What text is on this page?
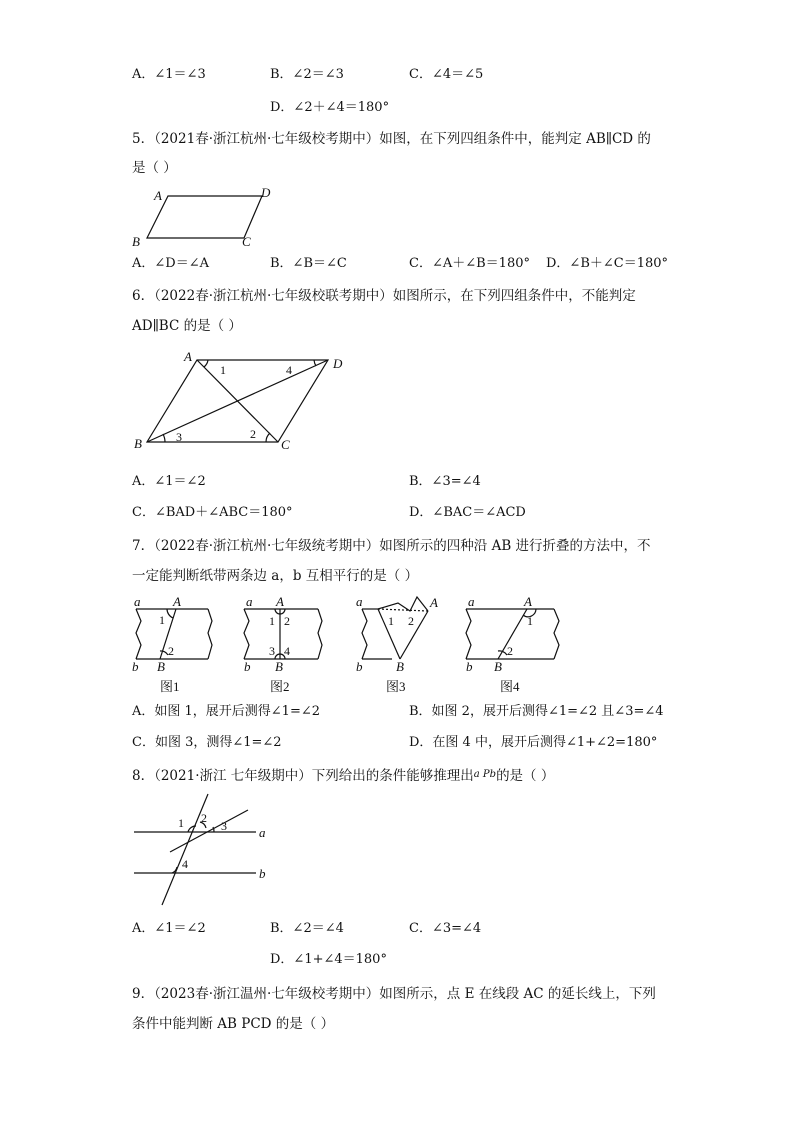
A．∠1＝∠3	B．∠2＝∠3	C．∠4＝∠5
D．∠2＋∠4＝180°
5．（2021春·浙江杭州·七年级校考期中）如图，在下列四组条件中，能判定 AB∥CD 的
是（ ）
A	D
B	C
A．∠D＝∠A	B．∠B＝∠C	C．∠A＋∠B＝180° D．∠B＋∠C＝180°
6．（2022春·浙江杭州·七年级校联考期中）如图所示，在下列四组条件中，不能判定
AD∥BC 的是（ ）
A	D
B	C
1	4
3	2
A．∠1＝∠2	B．∠3=∠4
C．∠BAD＋∠ABC＝180°	D．∠BAC＝∠ACD
7．（2022春·浙江杭州·七年级统考期中）如图所示的四种沿 AB 进行折叠的方法中，不
一定能判断纸带两条边 a，b 互相平行的是（ ）
a	A
b B
1
2
图1
a A
b B
1 2
3 4
图2
a	A
b	B
1 2
图3
a	A
b B
1
2
图4
A．如图 1，展开后测得∠1=∠2	B．如图 2，展开后测得∠1=∠2 且∠3=∠4
C．如图 3，测得∠1=∠2	D．在图 4 中，展开后测得∠1+∠2=180°
8．（2021·浙江 七年级期中）下列给出的条件能够推理出$^{a Pb}$的是（ ）
1 2
3
4
a
b
A．∠1＝∠2	B．∠2＝∠4	C．∠3=∠4
D．∠1+∠4＝180°
9．（2023春·浙江温州·七年级校考期中）如图所示，点 E 在线段 AC 的延长线上，下列
条件中能判断 AB PCD 的是（ ）
